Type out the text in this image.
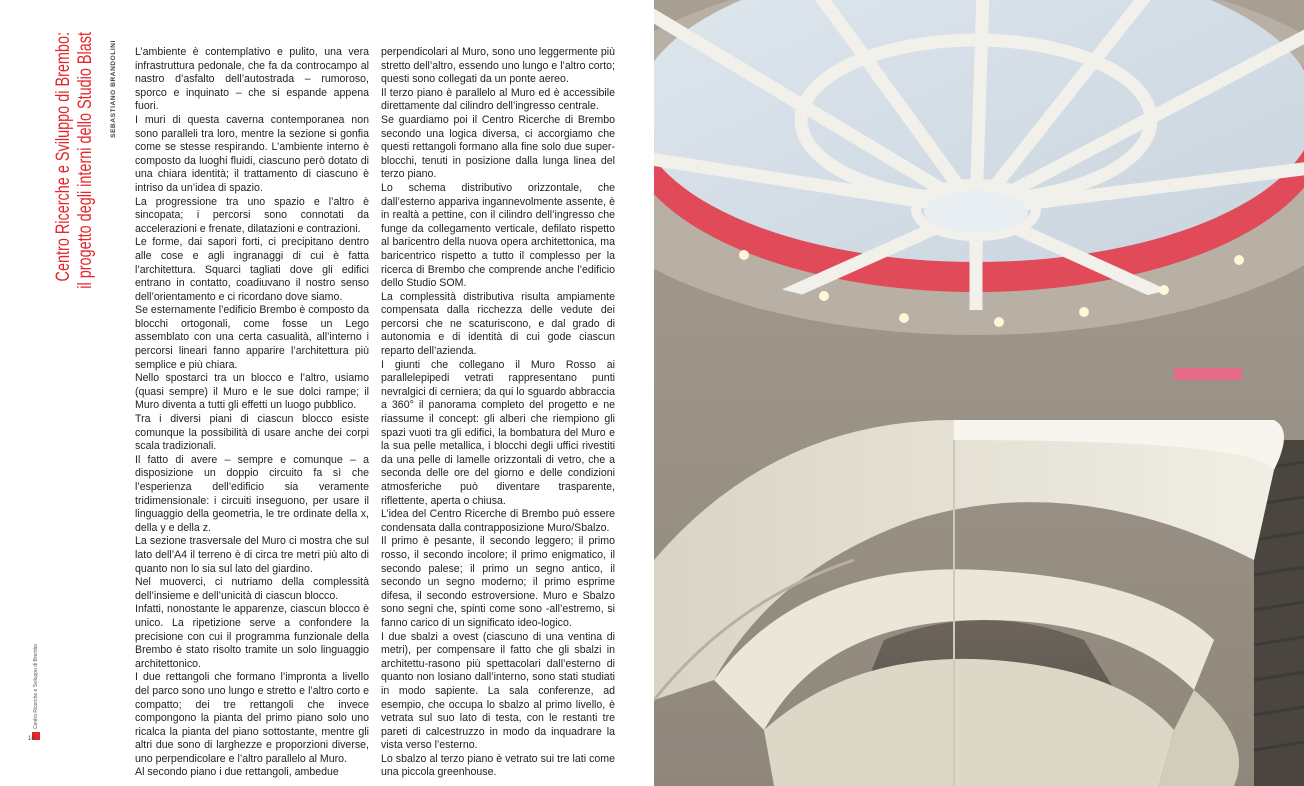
Centro Ricerche e Sviluppo di Brembo: il progetto degli interni dello Studio Blast	SEBASTIANO BRANDOLINI
Centro Ricerche e Sviluppo di Brembo
16

L’ambiente è contemplativo e pulito, una vera infrastruttura pedonale, che fa da controcampo al nastro d’asfalto dell’autostrada – rumoroso, sporco e inquinato – che si espande appena fuori.

I muri di questa caverna contemporanea non sono paralleli tra loro, mentre la sezione si gonfia come se stesse respirando. L’ambiente interno è composto da luoghi fluidi, ciascuno però dotato di una chiara identità; il trattamento di ciascuno è intriso da un’idea di spazio.

La progressione tra uno spazio e l’altro è sincopata; i percorsi sono connotati da accelerazioni e frenate, dilatazioni e contrazioni.

Le forme, dai sapori forti, ci precipitano dentro alle cose e agli ingranaggi di cui è fatta l’architettura. Squarci tagliati dove gli edifici entrano in contatto, coadiuvano il nostro senso dell’orientamento e ci ricordano dove siamo.

Se esternamente l’edificio Brembo è composto da blocchi ortogonali, come fosse un Lego assemblato con una certa casualità, all’interno i percorsi lineari fanno apparire l’architettura più semplice e più chiara.

Nello spostarci tra un blocco e l’altro, usiamo (quasi sempre) il Muro e le sue dolci rampe; il Muro diventa a tutti gli effetti un luogo pubblico.

Tra i diversi piani di ciascun blocco esiste comunque la possibilità di usare anche dei corpi scala tradizionali.

Il fatto di avere – sempre e comunque – a disposizione un doppio circuito fa sì che l’esperienza dell’edificio sia veramente tridimensionale: i circuiti inseguono, per usare il linguaggio della geometria, le tre ordinate della x, della y e della z.

La sezione trasversale del Muro ci mostra che sul lato dell’A4 il terreno è di circa tre metri più alto di quanto non lo sia sul lato del giardino.

Nel muoverci, ci nutriamo della complessità dell’insieme e dell’unicità di ciascun blocco.

Infatti, nonostante le apparenze, ciascun blocco è unico. La ripetizione serve a confondere la precisione con cui il programma funzionale della Brembo è stato risolto tramite un solo linguaggio architettonico.

I due rettangoli che formano l’impronta a livello del parco sono uno lungo e stretto e l’altro corto e compatto; dei tre rettangoli che invece compongono la pianta del primo piano solo uno ricalca la pianta del piano sottostante, mentre gli altri due sono di larghezze e proporzioni diverse, uno perpendicolare e l’altro parallelo al Muro.

Al secondo piano i due rettangoli, ambedue

perpendicolari al Muro, sono uno leggermente più stretto dell’altro, essendo uno lungo e l’altro corto; questi sono collegati da un ponte aereo.

Il terzo piano è parallelo al Muro ed è accessibile direttamente dal cilindro dell’ingresso centrale.

Se guardiamo poi il Centro Ricerche di Brembo secondo una logica diversa, ci accorgiamo che questi rettangoli formano alla fine solo due super-blocchi, tenuti in posizione dalla lunga linea del terzo piano.

Lo schema distributivo orizzontale, che dall’esterno appariva ingannevolmente assente, è in realtà a pettine, con il cilindro dell’ingresso che funge da collegamento verticale, defilato rispetto al baricentro della nuova opera architettonica, ma baricentrico rispetto a tutto il complesso per la ricerca di Brembo che comprende anche l’edificio dello Studio SOM.

La complessità distributiva risulta ampiamente compensata dalla ricchezza delle vedute dei percorsi che ne scaturiscono, e dal grado di autonomia e di identità di cui gode ciascun reparto dell’azienda.

I giunti che collegano il Muro Rosso ai parallelepipedi vetrati rappresentano punti nevralgici di cerniera; da qui lo sguardo abbraccia a 360° il panorama completo del progetto e ne riassume il concept: gli alberi che riempiono gli spazi vuoti tra gli edifici, la bombatura del Muro e la sua pelle metallica, i blocchi degli uffici rivestiti da una pelle di lamelle orizzontali di vetro, che a seconda delle ore del giorno e delle condizioni atmosferiche può diventare trasparente, riflettente, aperta o chiusa.

L’idea del Centro Ricerche di Brembo può essere condensata dalla contrapposizione Muro/Sbalzo.

Il primo è pesante, il secondo leggero; il primo rosso, il secondo incolore; il primo enigmatico, il secondo palese; il primo un segno antico, il secondo un segno moderno; il primo esprime difesa, il secondo estroversione. Muro e Sbalzo sono segni che, spinti come sono -all’estremo, si fanno carico di un significato ideo-logico.

I due sbalzi a ovest (ciascuno di una ventina di metri), per compensare il fatto che gli sbalzi in architettu-rasono più spettacolari dall’esterno di quanto non losiano dall’interno, sono stati studiati in modo sapiente. La sala conferenze, ad esempio, che occupa lo sbalzo al primo livello, è vetrata sul suo lato di testa, con le restanti tre pareti di calcestruzzo in modo da inquadrare la vista verso l’esterno.

Lo sbalzo al terzo piano è vetrato sui tre lati come una piccola greenhouse.
